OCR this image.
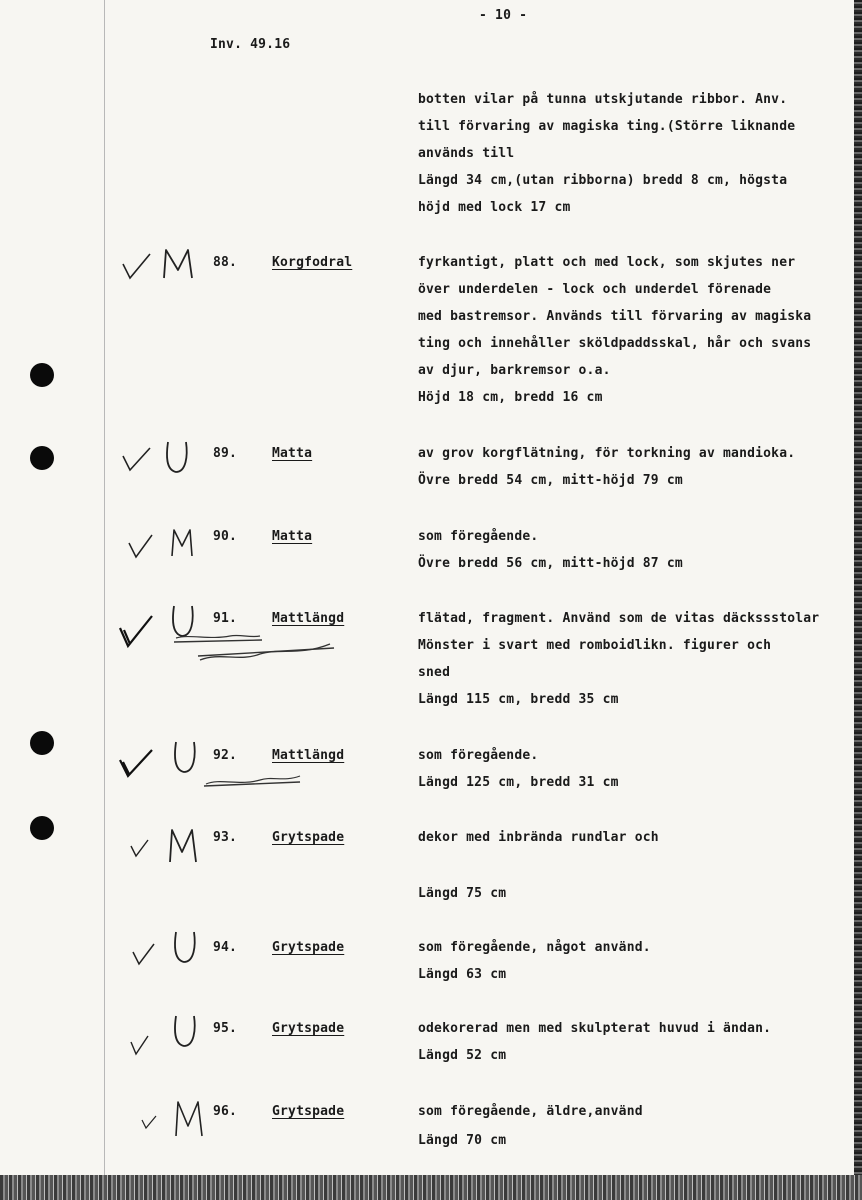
- 10 -
Inv. 49.16
botten vilar på tunna utskjutande ribbor. Anv.
till förvaring av magiska ting.(Större liknande
används till
Längd 34 cm,(utan ribborna) bredd 8 cm, högsta
höjd med lock 17 cm
88.	Korgfodral	fyrkantigt, platt och med lock, som skjutes ner
över underdelen - lock och underdel förenade
med bastremsor. Används till förvaring av magiska
ting och innehåller sköldpaddsskal, hår och svans
av djur, barkremsor o.a.
Höjd 18 cm, bredd 16 cm
89.	Matta	av grov korgflätning, för torkning av mandioka.
Övre bredd 54 cm, mitt-höjd 79 cm
90.	Matta	som föregående.
Övre bredd 56 cm, mitt-höjd 87 cm
91.	Mattlängd	flätad, fragment. Använd som de vitas däckssstolar
Mönster i svart med romboidlikn. figurer och
sned
Längd 115 cm, bredd 35 cm
92.	Mattlängd	som föregående.
Längd 125 cm, bredd 31 cm
93.	Grytspade	dekor med inbrända rundlar och
Längd 75 cm
94.	Grytspade	som föregående, något använd.
Längd 63 cm
95.	Grytspade	odekorerad men med skulpterat huvud i ändan.
Längd 52 cm
96.	Grytspade	som föregående, äldre,använd
Längd 70 cm
